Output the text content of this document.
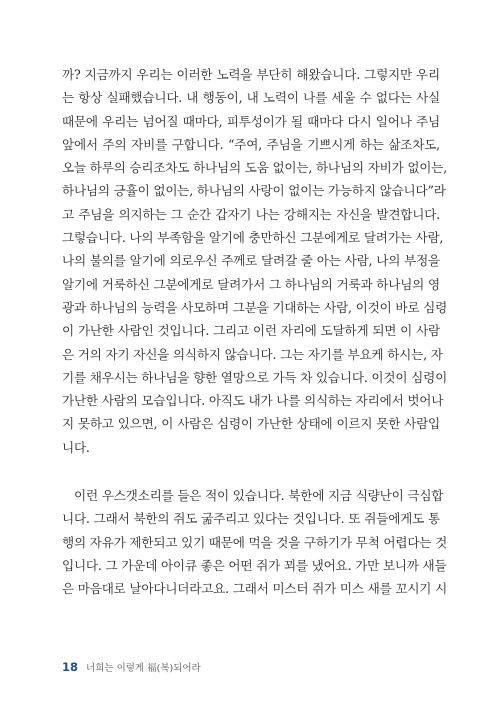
까? 지금까지 우리는 이러한 노력을 부단히 해왔습니다. 그렇지만 우리
는 항상 실패했습니다. 내 행동이, 내 노력이 나를 세울 수 없다는 사실
때문에 우리는 넘어질 때마다, 피투성이가 될 때마다 다시 일어나 주님
앞에서 주의 자비를 구합니다. “주여, 주님을 기쁘시게 하는 삶조차도,
오늘 하루의 승리조차도 하나님의 도움 없이는, 하나님의 자비가 없이는,
하나님의 긍휼이 없이는, 하나님의 사랑이 없이는 가능하지 않습니다”라
고 주님을 의지하는 그 순간 갑자기 나는 강해지는 자신을 발견합니다.
그렇습니다. 나의 부족함을 알기에 충만하신 그분에게로 달려가는 사람,
나의 불의를 알기에 의로우신 주께로 달려갈 줄 아는 사람, 나의 부정을
알기에 거룩하신 그분에게로 달려가서 그 하나님의 거룩과 하나님의 영
광과 하나님의 능력을 사모하며 그분을 기대하는 사람, 이것이 바로 심령
이 가난한 사람인 것입니다. 그리고 이런 자리에 도달하게 되면 이 사람
은 거의 자기 자신을 의식하지 않습니다. 그는 자기를 부요케 하시는, 자
기를 채우시는 하나님을 향한 열망으로 가득 차 있습니다. 이것이 심령이
가난한 사람의 모습입니다. 아직도 내가 나를 의식하는 자리에서 벗어나
지 못하고 있으면, 이 사람은 심령이 가난한 상태에 이르지 못한 사람입
니다.
이런 우스갯소리를 들은 적이 있습니다. 북한에 지금 식량난이 극심합
니다. 그래서 북한의 쥐도 굶주리고 있다는 것입니다. 또 쥐들에게도 통
행의 자유가 제한되고 있기 때문에 먹을 것을 구하기가 무척 어렵다는 것
입니다. 그 가운데 아이큐 좋은 어떤 쥐가 꾀를 냈어요. 가만 보니까 새들
은 마음대로 날아다니더라고요. 그래서 미스터 쥐가 미스 새를 꼬시기 시
18 너희는 이렇게 福(복)되어라
